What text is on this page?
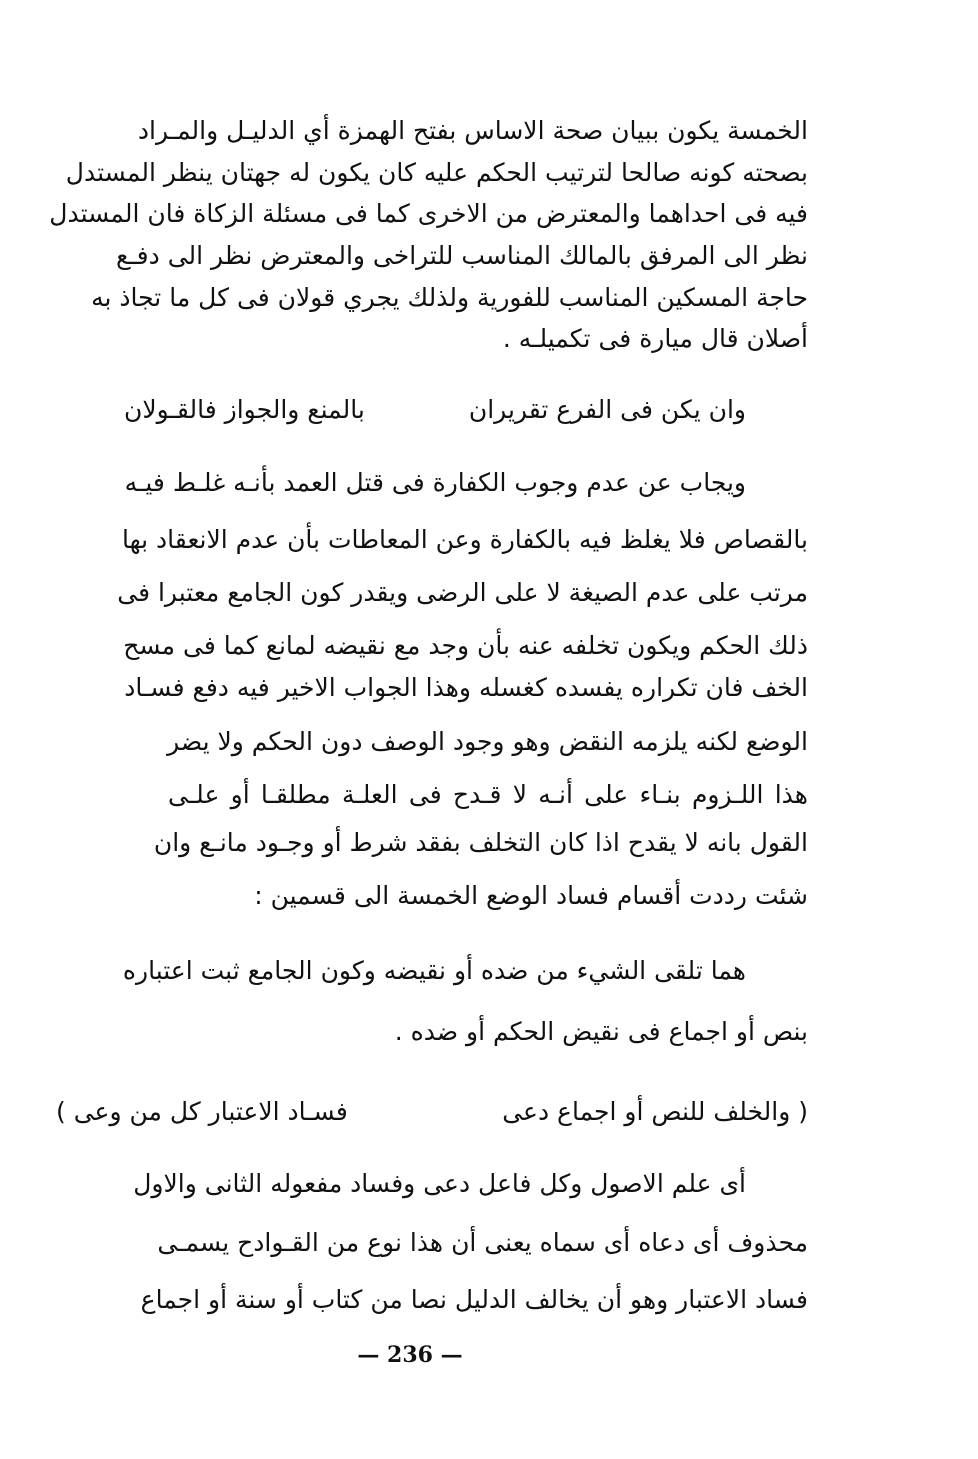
الخمسة يكون ببيان صحة الاساس بفتح الهمزة أي الدليـل والمـراد
بصحته كونه صالحا لترتيب الحكم عليه كان يكون له جهتان ينظر المستدل
فيه فى احداهما والمعترض من الاخرى كما فى مسئلة الزكاة فان المستدل
نظر الى المرفق بالمالك المناسب للتراخى والمعترض نظر الى دفـع
حاجة المسكين المناسب للفورية ولذلك يجري قولان فى كل ما تجاذ به
أصلان قال ميارة فى تكميلـه .
وان يكن فى الفرع تقريران
بالمنع والجواز فالقـولان
ويجاب عن عدم وجوب الكفارة فى قتل العمد بأنـه غلـط فيـه
بالقصاص فلا يغلظ فيه بالكفارة وعن المعاطات بأن عدم الانعقاد بها
مرتب على عدم الصيغة لا على الرضى ويقدر كون الجامع معتبرا فى
ذلك الحكم ويكون تخلفه عنه بأن وجد مع نقيضه لمانع كما فى مسح
الخف فان تكراره يفسده كغسله وهذا الجواب الاخير فيه دفع فسـاد
الوضع لكنه يلزمه النقض وهو وجود الوصف دون الحكم ولا يضر
هذا اللـزوم بنـاء على أنـه لا قـدح فى العلـة مطلقـا أو علـى
القول بانه لا يقدح اذا كان التخلف بفقد شرط أو وجـود مانـع وان
شئت رددت أقسام فساد الوضع الخمسة الى قسمين :
هما تلقى الشيء من ضده أو نقيضه وكون الجامع ثبت اعتباره
بنص أو اجماع فى نقيض الحكم أو ضده .
( والخلف للنص أو اجماع دعى
فسـاد الاعتبار كل من وعى )
أى علم الاصول وكل فاعل دعى وفساد مفعوله الثانى والاول
محذوف أى دعاه أى سماه يعنى أن هذا نوع من القـوادح يسمـى
فساد الاعتبار وهو أن يخالف الدليل نصا من كتاب أو سنة أو اجماع
— 236 —
